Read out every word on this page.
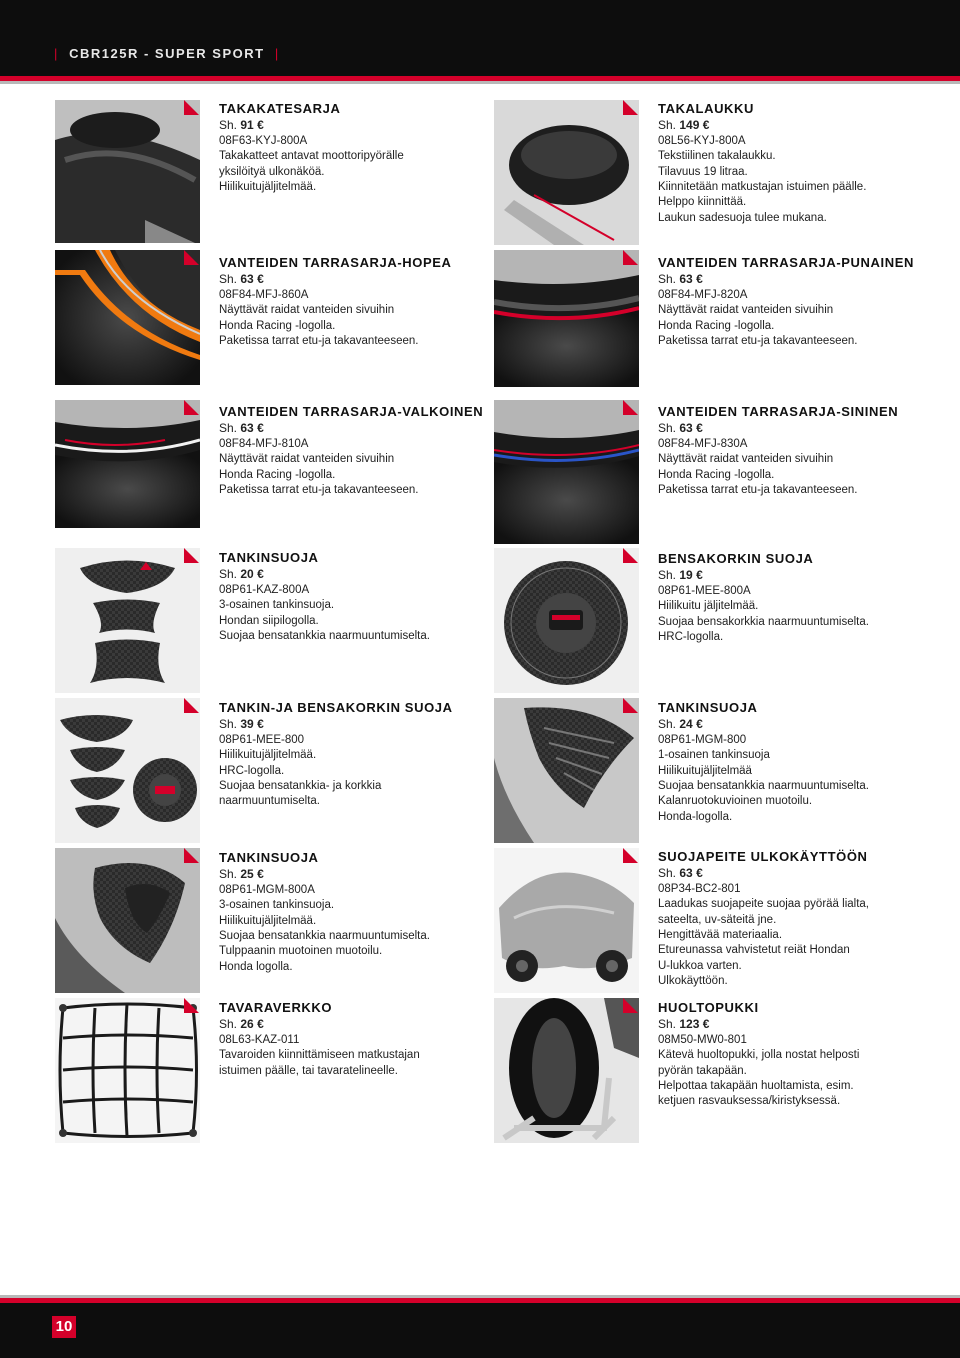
|  CBR125R - SUPER SPORT  |
TAKAKATESARJA
Sh. 91 €
08F63-KYJ-800A
Takakatteet antavat moottoripyörälle
yksilöityä ulkonäköä.
Hiilikuitujäljitelmää.
TAKALAUKKU
Sh. 149 €
08L56-KYJ-800A
Tekstiilinen takalaukku.
Tilavuus 19 litraa.
Kiinnitetään matkustajan istuimen päälle.
Helppo kiinnittää.
Laukun sadesuoja tulee mukana.
VANTEIDEN TARRASARJA-HOPEA
Sh. 63 €
08F84-MFJ-860A
Näyttävät raidat vanteiden sivuihin
Honda Racing -logolla.
Paketissa tarrat etu-ja takavanteeseen.
VANTEIDEN TARRASARJA-PUNAINEN
Sh. 63 €
08F84-MFJ-820A
Näyttävät raidat vanteiden sivuihin
Honda Racing -logolla.
Paketissa tarrat etu-ja takavanteeseen.
VANTEIDEN TARRASARJA-VALKOINEN
Sh. 63 €
08F84-MFJ-810A
Näyttävät raidat vanteiden sivuihin
Honda Racing -logolla.
Paketissa tarrat etu-ja takavanteeseen.
VANTEIDEN TARRASARJA-SININEN
Sh. 63 €
08F84-MFJ-830A
Näyttävät raidat vanteiden sivuihin
Honda Racing -logolla.
Paketissa tarrat etu-ja takavanteeseen.
TANKINSUOJA
Sh. 20 €
08P61-KAZ-800A
3-osainen tankinsuoja.
Hondan siipilogolla.
Suojaa bensatankkia naarmuuntumiselta.
BENSAKORKIN SUOJA
Sh. 19 €
08P61-MEE-800A
Hiilikuitu jäljitelmää.
Suojaa bensakorkkia naarmuuntumiselta.
HRC-logolla.
TANKIN-JA BENSAKORKIN SUOJA
Sh. 39 €
08P61-MEE-800
Hiilikuitujäljitelmää.
HRC-logolla.
Suojaa bensatankkia- ja korkkia
naarmuuntumiselta.
TANKINSUOJA
Sh. 24 €
08P61-MGM-800
1-osainen tankinsuoja
Hiilikuitujäljitelmää
Suojaa bensatankkia naarmuuntumiselta.
Kalanruotokuvioinen muotoilu.
Honda-logolla.
TANKINSUOJA
Sh. 25 €
08P61-MGM-800A
3-osainen tankinsuoja.
Hiilikuitujäljitelmää.
Suojaa bensatankkia naarmuuntumiselta.
Tulppaanin muotoinen muotoilu.
Honda logolla.
SUOJAPEITE ULKOKÄYTTÖÖN
Sh. 63 €
08P34-BC2-801
Laadukas suojapeite suojaa pyörää lialta,
sateelta, uv-säteitä jne.
Hengittävää materiaalia.
Etureunassa vahvistetut reiät Hondan
U-lukkoa varten.
Ulkokäyttöön.
TAVARAVERKKO
Sh. 26 €
08L63-KAZ-011
Tavaroiden kiinnittämiseen matkustajan
istuimen päälle, tai tavaratelineelle.
HUOLTOPUKKI
Sh. 123 €
08M50-MW0-801
Kätevä huoltopukki, jolla nostat helposti
pyörän takapään.
Helpottaa takapään huoltamista, esim.
ketjuen rasvauksessa/kiristyksessä.
10
